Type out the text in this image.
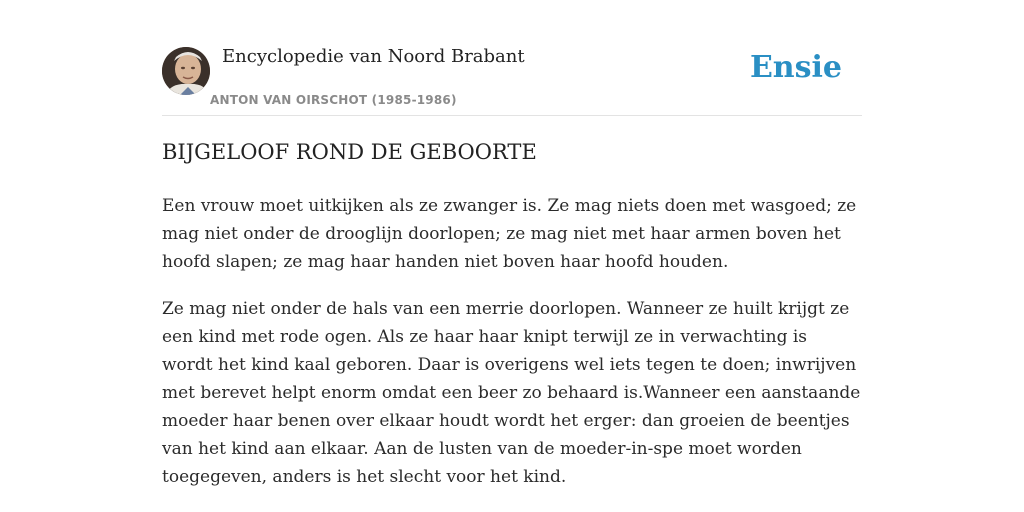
Encyclopedie van Noord Brabant
ANTON VAN OIRSCHOT (1985-1986)
Ensie
BIJGELOOF ROND DE GEBOORTE

Een vrouw moet uitkijken als ze zwanger is. Ze mag niets doen met wasgoed; ze mag niet onder de drooglijn doorlopen; ze mag niet met haar armen boven het hoofd slapen; ze mag haar handen niet boven haar hoofd houden.

Ze mag niet onder de hals van een merrie doorlopen. Wanneer ze huilt krijgt ze een kind met rode ogen. Als ze haar haar knipt terwijl ze in verwachting is wordt het kind kaal geboren. Daar is overigens wel iets tegen te doen; inwrijven met berevet helpt enorm omdat een beer zo behaard is.Wanneer een aanstaande moeder haar benen over elkaar houdt wordt het erger: dan groeien de beentjes van het kind aan elkaar. Aan de lusten van de moeder-in-spe moet worden toegegeven, anders is het slecht voor het kind.
